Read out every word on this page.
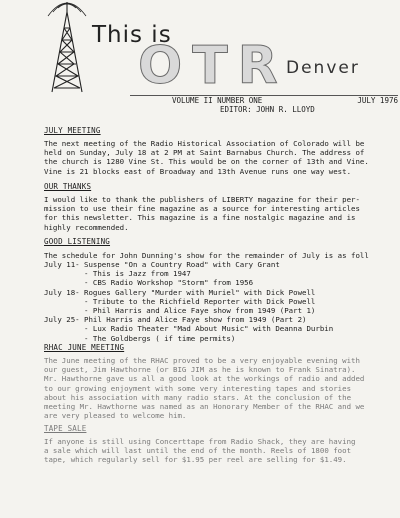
This is
OTR
Denver
VOLUME II NUMBER ONE	JULY 1976
EDITOR: JOHN R. LLOYD
JULY MEETING
The next meeting of the Radio Historical Association of Colorado will be
held on Sunday, July 18 at 2 PM at Saint Barnabus Church. The address of
the church is 1280 Vine St. This would be on the corner of 13th and Vine.
Vine is 21 blocks east of Broadway and 13th Avenue runs one way west.
OUR THANKS
I would like to thank the publishers of LIBERTY magazine for their per-
mission to use their fine magazine as a source for interesting articles
for this newsletter. This magazine is a fine nostalgic magazine and is
highly recommended.
GOOD LISTENING
The schedule for John Dunning's show for the remainder of July is as foll
July 11- Suspense "On a Country Road" with Cary Grant
- This is Jazz from 1947
- CBS Radio Workshop "Storm" from 1956
July 18- Rogues Gallery "Murder with Muriel" with Dick Powell
- Tribute to the Richfield Reporter with Dick Powell
- Phil Harris and Alice Faye show from 1949 (Part 1)
July 25- Phil Harris and Alice Faye show from 1949 (Part 2)
- Lux Radio Theater "Mad About Music" with Deanna Durbin
- The Goldbergs ( if time permits)
RHAC JUNE MEETING
The June meeting of the RHAC proved to be a very enjoyable evening with
our guest, Jim Hawthorne (or BIG JIM as he is known to Frank Sinatra).
Mr. Hawthorne gave us all a good look at the workings of radio and added
to our growing enjoyment with some very interesting tapes and stories
about his association with many radio stars. At the conclusion of the
meeting Mr. Hawthorne was named as an Honorary Member of the RHAC and we
are very pleased to welcome him.
TAPE SALE
If anyone is still using Concerttape from Radio Shack, they are having
a sale which will last until the end of the month. Reels of 1800 foot
tape, which regularly sell for $1.95 per reel are selling for $1.49.
